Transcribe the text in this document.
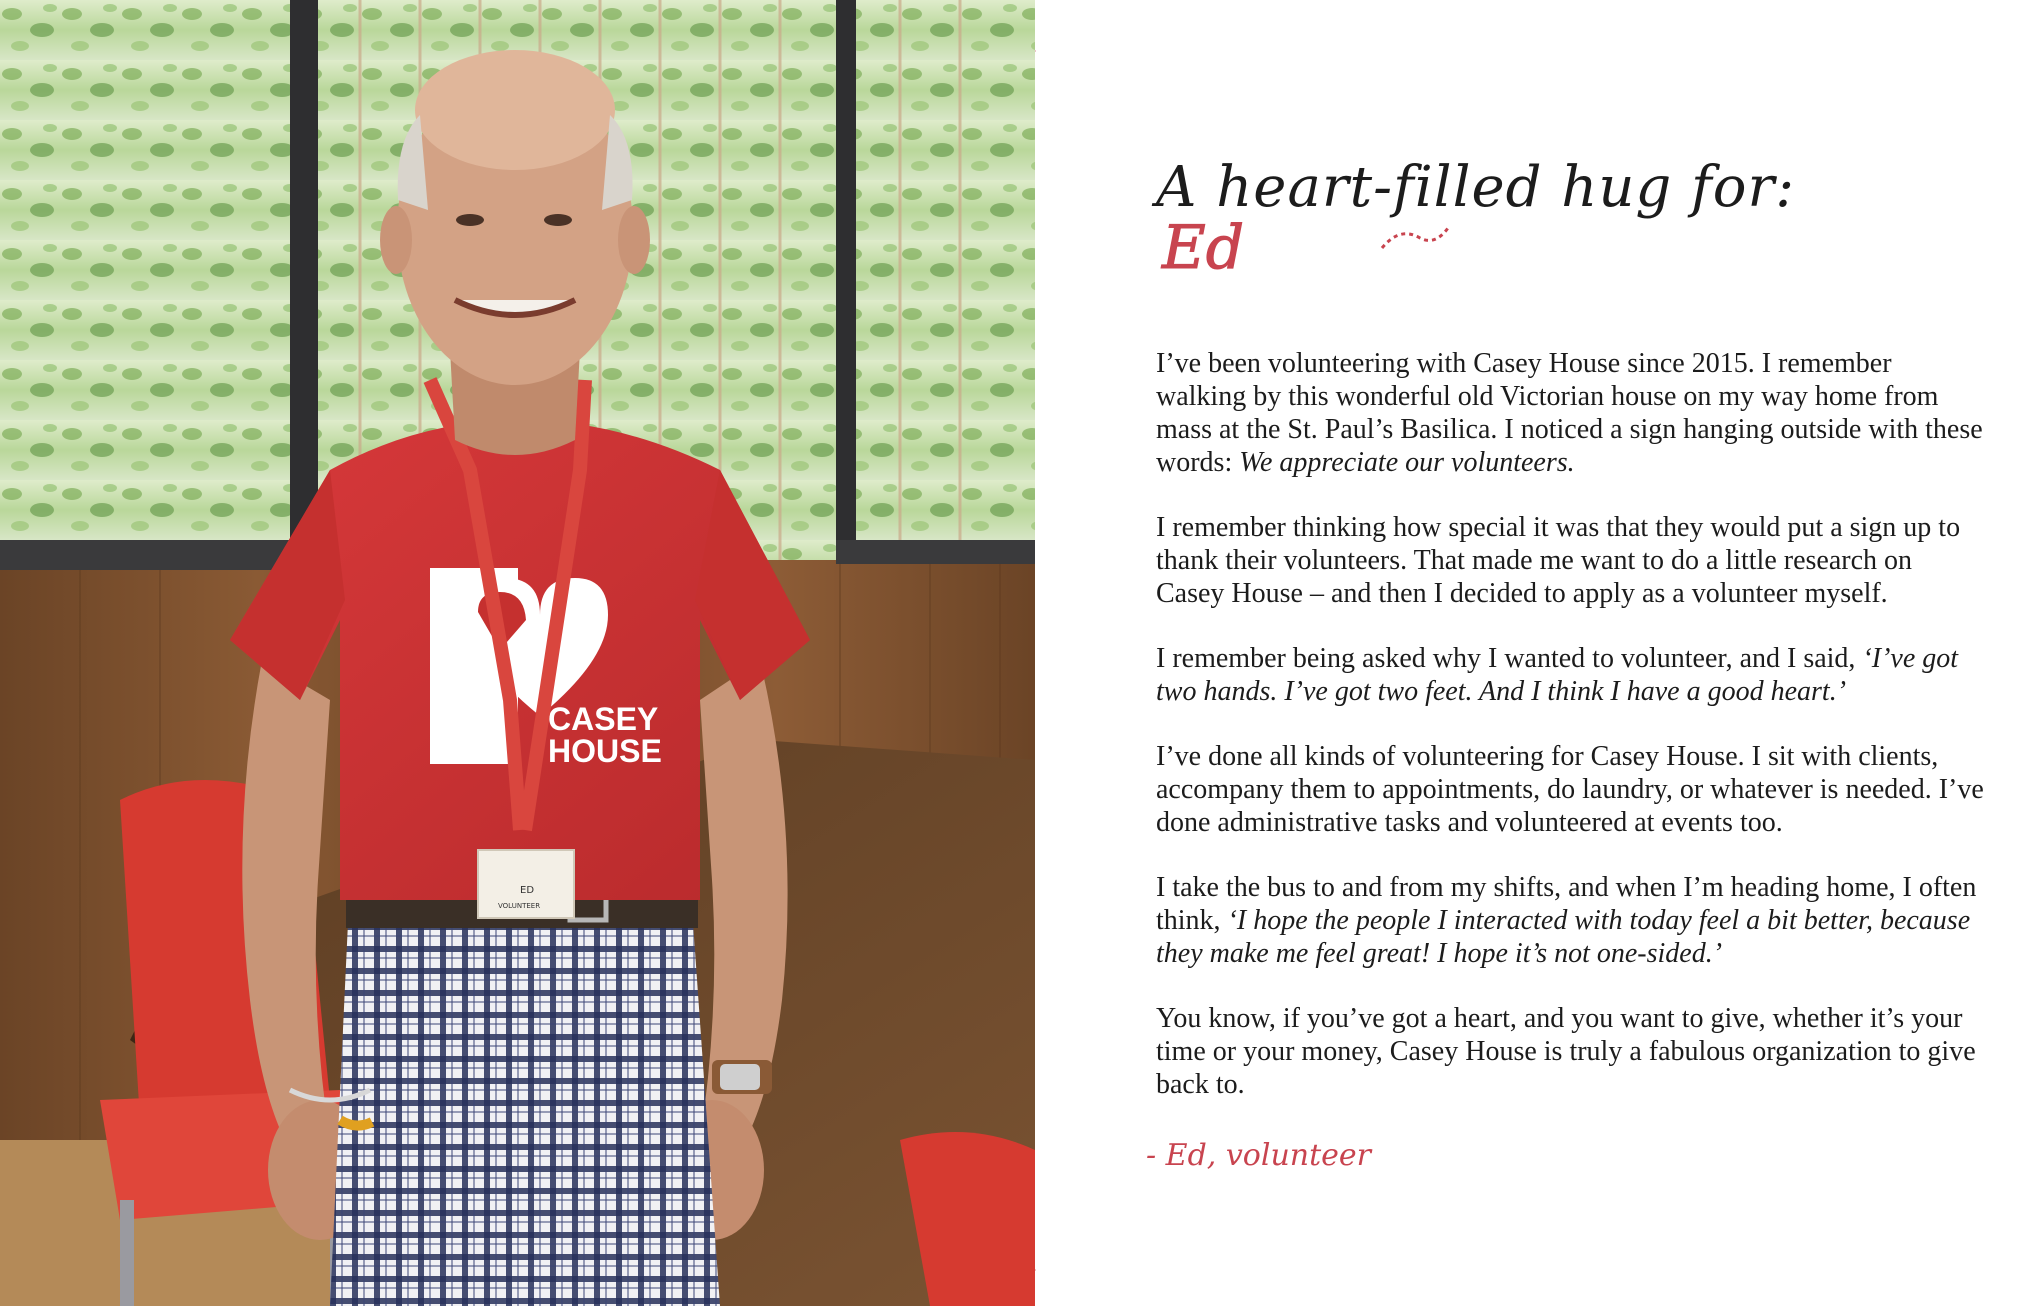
CASEY
HOUSE
ED
VOLUNTEER
A heart-filled hug for:
Ed

I’ve been volunteering with Casey House since 2015. I remember walking by this wonderful old Victorian house on my way home from mass at the St. Paul’s Basilica. I noticed a sign hanging outside with these words: We appreciate our volunteers.

I remember thinking how special it was that they would put a sign up to thank their volunteers. That made me want to do a little research on Casey House – and then I decided to apply as a volunteer myself.

I remember being asked why I wanted to volunteer, and I said, ‘I’ve got two hands. I’ve got two feet. And I think I have a good heart.’

I’ve done all kinds of volunteering for Casey House. I sit with clients, accompany them to appointments, do laundry, or whatever is needed. I’ve done administrative tasks and volunteered at events too.

I take the bus to and from my shifts, and when I’m heading home, I often think, ‘I hope the people I interacted with today feel a bit better, because they make me feel great! I hope it’s not one-sided.’

You know, if you’ve got a heart, and you want to give, whether it’s your time or your money, Casey House is truly a fabulous organization to give back to.

- Ed, volunteer
